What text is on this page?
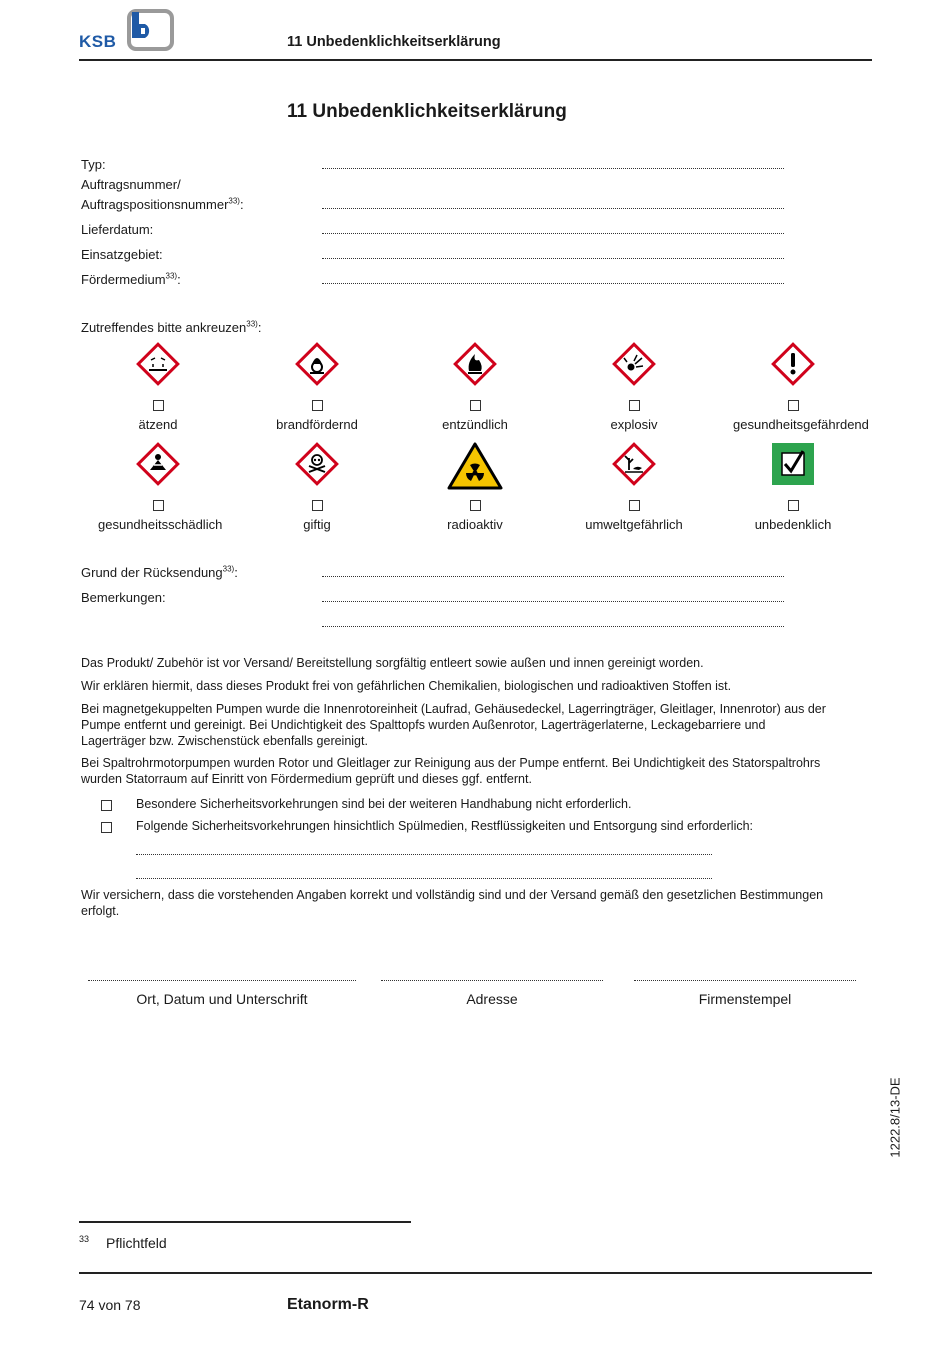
KSB	11 Unbedenklichkeitserklärung
11 Unbedenklichkeitserklärung
Typ:
Auftragsnummer/
Auftragspositionsnummer$^{33)}$:
Lieferdatum:
Einsatzgebiet:
Fördermedium$^{33)}$:
Zutreffendes bitte ankreuzen$^{33)}$:
ätzend	brandfördernd	entzündlich	explosiv	gesundheitsgefährdend
gesundheitsschädlich	giftig	radioaktiv	umweltgefährlich	unbedenklich
Grund der Rücksendung$^{33)}$:
Bemerkungen:
Das Produkt/ Zubehör ist vor Versand/ Bereitstellung sorgfältig entleert sowie außen und innen gereinigt worden.
Wir erklären hiermit, dass dieses Produkt frei von gefährlichen Chemikalien, biologischen und radioaktiven Stoffen ist.
Bei magnetgekuppelten Pumpen wurde die Innenrotoreinheit (Laufrad, Gehäusedeckel, Lagerringträger, Gleitlager, Innenrotor) aus der Pumpe entfernt und gereinigt. Bei Undichtigkeit des Spalttopfs wurden Außenrotor, Lagerträgerlaterne, Leckagebarriere und Lagerträger bzw. Zwischenstück ebenfalls gereinigt.
Bei Spaltrohrmotorpumpen wurden Rotor und Gleitlager zur Reinigung aus der Pumpe entfernt. Bei Undichtigkeit des Statorspaltrohrs wurden Statorraum auf Einritt von Fördermedium geprüft und dieses ggf. entfernt.
Besondere Sicherheitsvorkehrungen sind bei der weiteren Handhabung nicht erforderlich.
Folgende Sicherheitsvorkehrungen hinsichtlich Spülmedien, Restflüssigkeiten und Entsorgung sind erforderlich:
Wir versichern, dass die vorstehenden Angaben korrekt und vollständig sind und der Versand gemäß den gesetzlichen Bestimmungen erfolgt.
Ort, Datum und Unterschrift	Adresse	Firmenstempel
1222.8/13-DE
$^{33}$ Pflichtfeld
74 von 78	Etanorm-R
